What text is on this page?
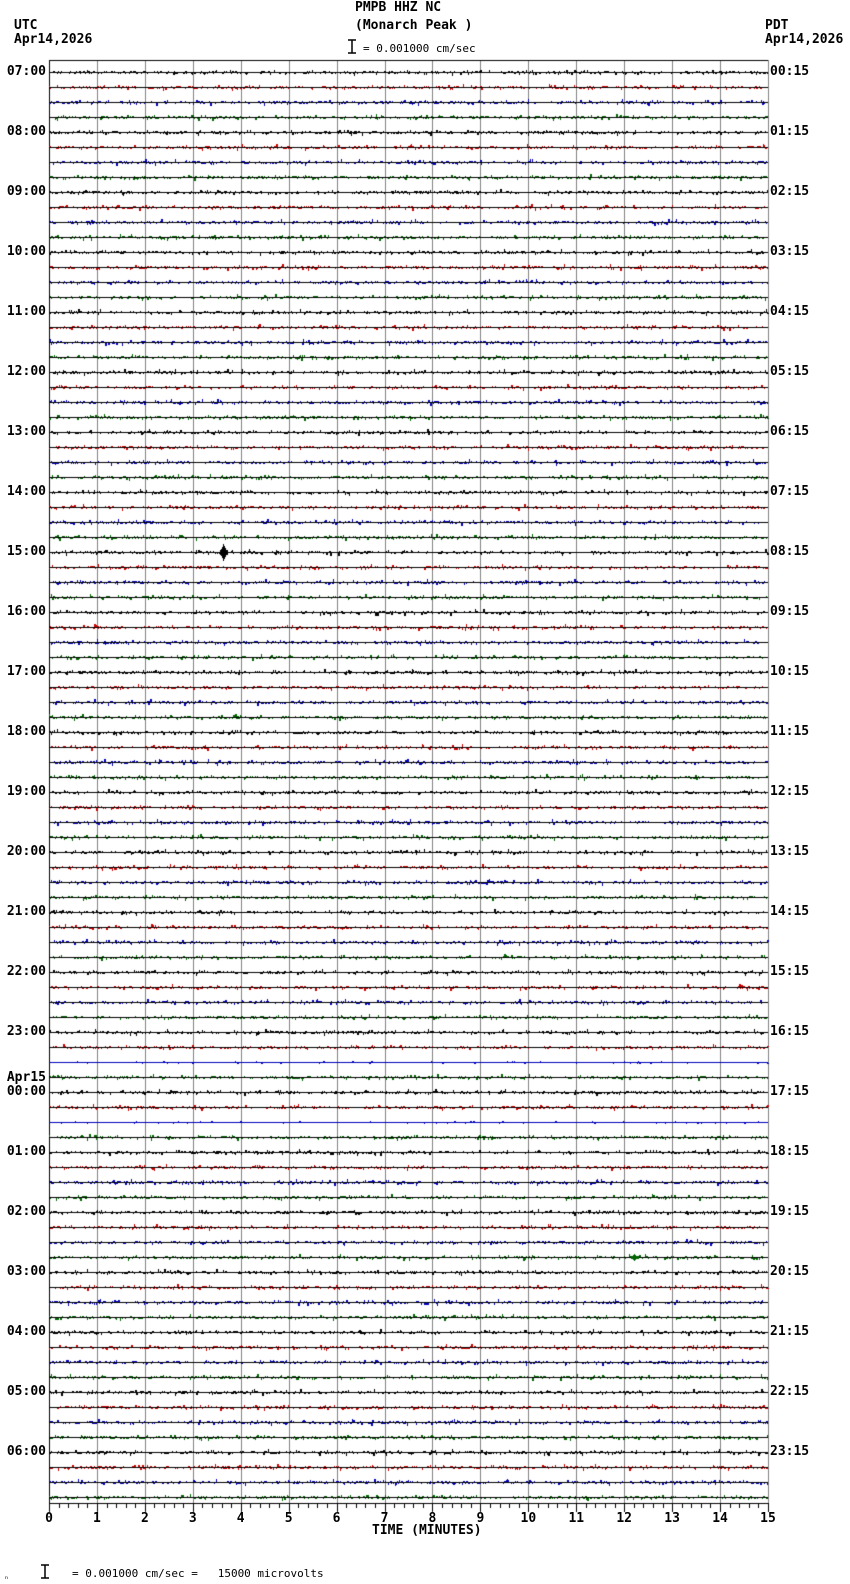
UTC
Apr14,2026
PMPB HHZ NC
(Monarch Peak )
= 0.001000 cm/sec
PDT
Apr14,2026
07:00
08:00
09:00
10:00
11:00
12:00
13:00
14:00
15:00
16:00
17:00
18:00
19:00
20:00
21:00
22:00
23:00
Apr15
00:00
01:00
02:00
03:00
04:00
05:00
06:00
00:15
01:15
02:15
03:15
04:15
05:15
06:15
07:15
08:15
09:15
10:15
11:15
12:15
13:15
14:15
15:15
16:15
17:15
18:15
19:15
20:15
21:15
22:15
23:15
0	1	2	3	4	5	6	7	8	9	10	11	12	13	14	15
TIME (MINUTES)
ₙ	= 0.001000 cm/sec =   15000 microvolts
